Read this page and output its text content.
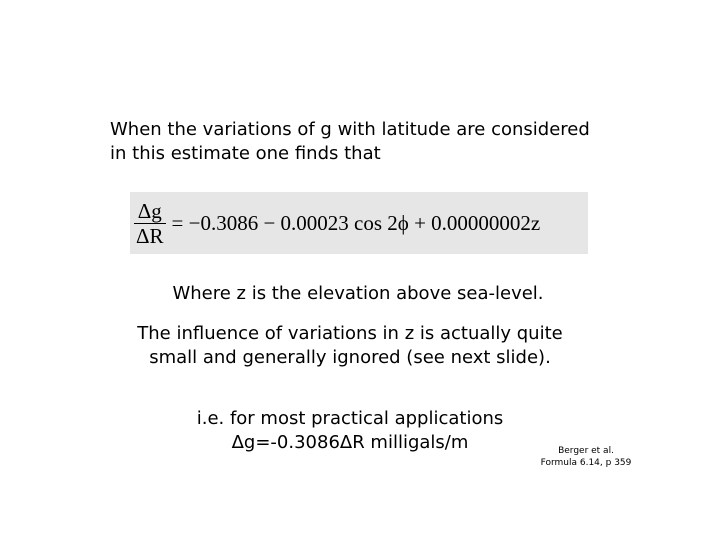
When the variations of g with latitude are considered
in this estimate one finds that
$\frac{\Delta g}{\Delta R} = -0.3086 - 0.00023$ cos 2ϕ + 0.00000002z
Where z is the elevation above sea-level.
The influence of variations in z is actually quite
small and generally ignored (see next slide).
i.e. for most practical applications
Δg=-0.3086ΔR milligals/m	Berger et al.
Formula 6.14, p 359
